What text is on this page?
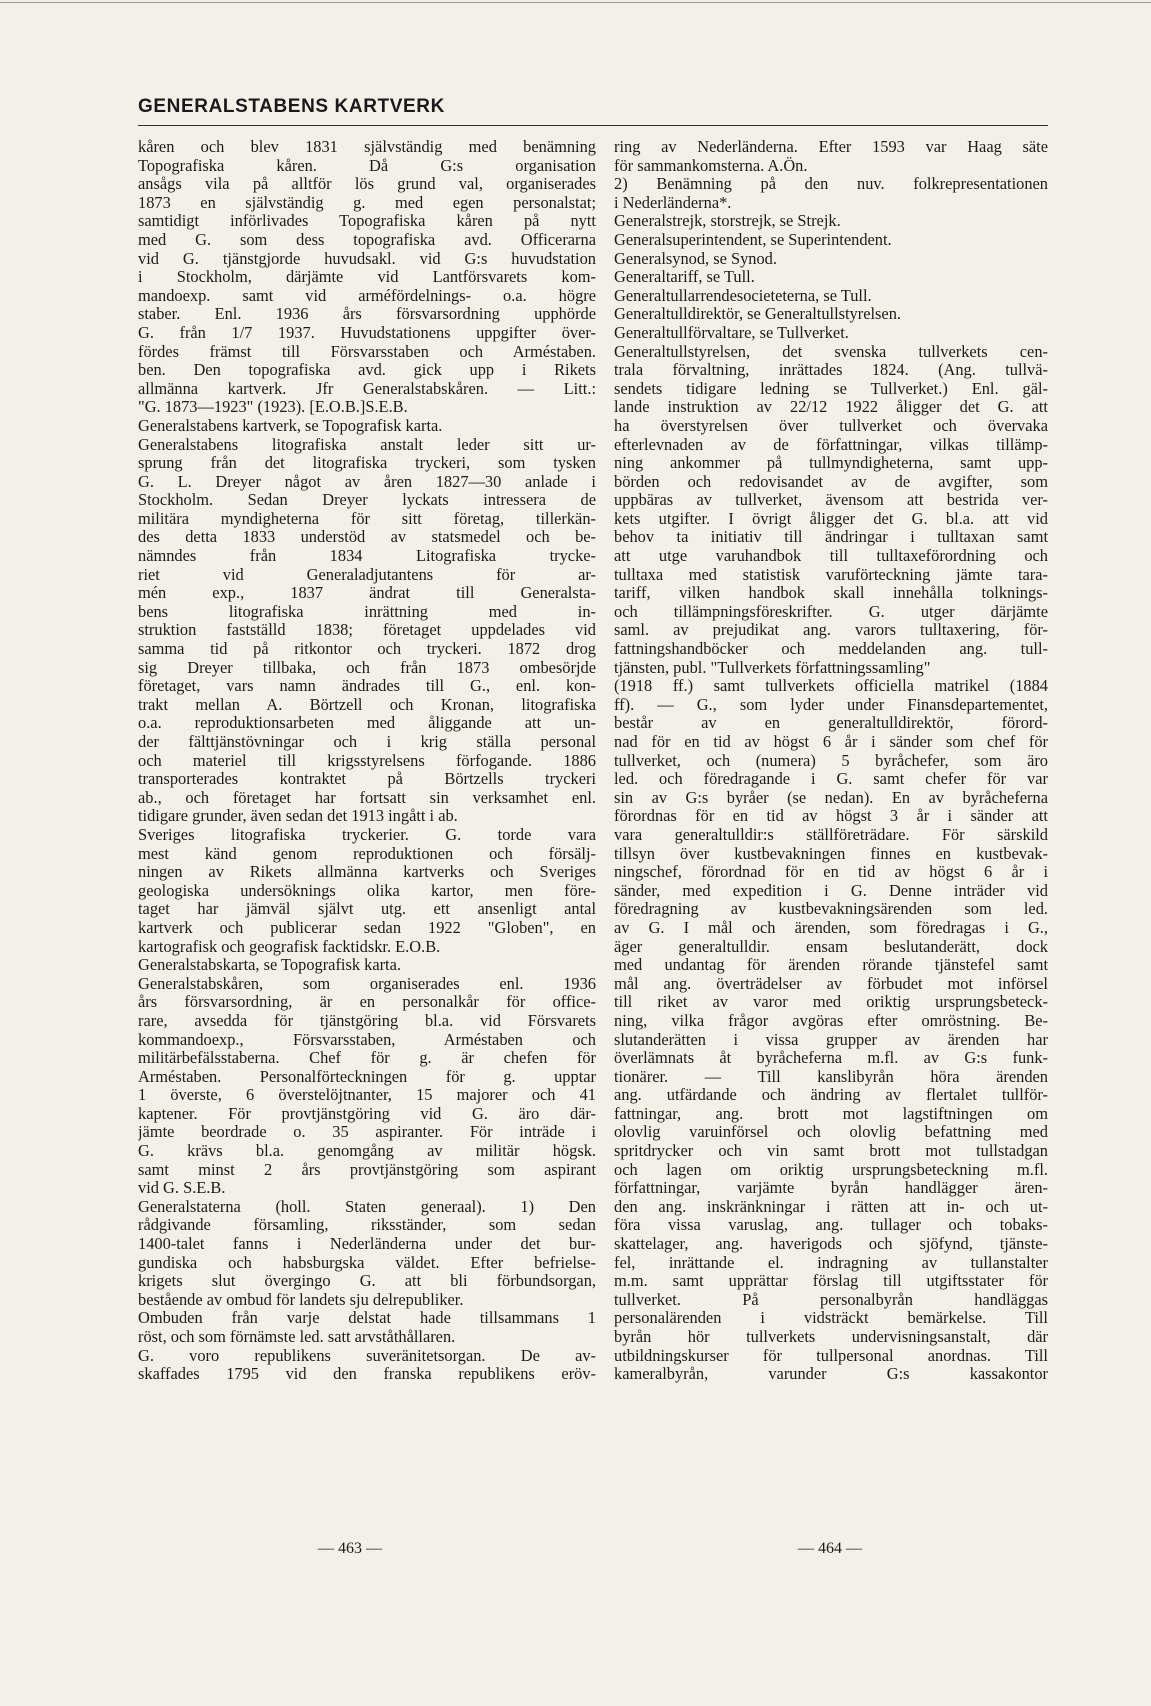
GENERALSTABENS KARTVERK
kåren och blev 1831 självständig med benämning
Topografiska kåren. Då G:s organisation
ansågs vila på alltför lös grund val, organiserades
1873 en självständig g. med egen personalstat;
samtidigt införlivades Topografiska kåren på nytt
med G. som dess topografiska avd. Officerarna
vid G. tjänstgjorde huvudsakl. vid G:s huvudstation
i Stockholm, därjämte vid Lantförsvarets kom-
mandoexp. samt vid arméfördelnings- o.a. högre
staber. Enl. 1936 års försvarsordning upphörde
G. från 1/7 1937. Huvudstationens uppgifter över-
fördes främst till Försvarsstaben och Arméstaben.
ben. Den topografiska avd. gick upp i Rikets
allmänna kartverk. Jfr Generalstabskåren. — Litt.:
"G. 1873—1923" (1923). [E.O.B.]S.E.B.
Generalstabens kartverk, se Topografisk karta.
Generalstabens litografiska anstalt leder sitt ur-
sprung från det litografiska tryckeri, som tysken
G. L. Dreyer något av åren 1827—30 anlade i
Stockholm. Sedan Dreyer lyckats intressera de
militära myndigheterna för sitt företag, tillerkän-
des detta 1833 understöd av statsmedel och be-
nämndes från 1834 Litografiska trycke-
riet vid Generaladjutantens för ar-
mén exp., 1837 ändrat till Generalsta-
bens litografiska inrättning med in-
struktion fastställd 1838; företaget uppdelades vid
samma tid på ritkontor och tryckeri. 1872 drog
sig Dreyer tillbaka, och från 1873 ombesörjde
företaget, vars namn ändrades till G., enl. kon-
trakt mellan A. Börtzell och Kronan, litografiska
o.a. reproduktionsarbeten med åliggande att un-
der fälttjänstövningar och i krig ställa personal
och materiel till krigsstyrelsens förfogande. 1886
transporterades kontraktet på Börtzells tryckeri
ab., och företaget har fortsatt sin verksamhet enl.
tidigare grunder, även sedan det 1913 ingått i ab.
Sveriges litografiska tryckerier. G. torde vara
mest känd genom reproduktionen och försälj-
ningen av Rikets allmänna kartverks och Sveriges
geologiska undersöknings olika kartor, men före-
taget har jämväl självt utg. ett ansenligt antal
kartverk och publicerar sedan 1922 "Globen", en
kartografisk och geografisk facktidskr. E.O.B.
Generalstabskarta, se Topografisk karta.
Generalstabskåren, som organiserades enl. 1936
års försvarsordning, är en personalkår för office-
rare, avsedda för tjänstgöring bl.a. vid Försvarets
kommandoexp., Försvarsstaben, Arméstaben och
militärbefälsstaberna. Chef för g. är chefen för
Arméstaben. Personalförteckningen för g. upptar
1 överste, 6 överstelöjtnanter, 15 majorer och 41
kaptener. För provtjänstgöring vid G. äro där-
jämte beordrade o. 35 aspiranter. För inträde i
G. krävs bl.a. genomgång av militär högsk.
samt minst 2 års provtjänstgöring som aspirant
vid G. S.E.B.
Generalstaterna (holl. Staten generaal). 1) Den
rådgivande församling, riksständer, som sedan
1400-talet fanns i Nederländerna under det bur-
gundiska och habsburgska väldet. Efter befrielse-
krigets slut övergingo G. att bli förbundsorgan,
bestående av ombud för landets sju delrepubliker.
Ombuden från varje delstat hade tillsammans 1
röst, och som förnämste led. satt arvståthållaren.
G. voro republikens suveränitetsorgan. De av-
skaffades 1795 vid den franska republikens eröv-
ring av Nederländerna. Efter 1593 var Haag säte
för sammankomsterna. A.Ön.
2) Benämning på den nuv. folkrepresentationen
i Nederländerna*.
Generalstrejk, storstrejk, se Strejk.
Generalsuperintendent, se Superintendent.
Generalsynod, se Synod.
Generaltariff, se Tull.
Generaltullarrendesocieteterna, se Tull.
Generaltulldirektör, se Generaltullstyrelsen.
Generaltullförvaltare, se Tullverket.
Generaltullstyrelsen, det svenska tullverkets cen-
trala förvaltning, inrättades 1824. (Ang. tullvä-
sendets tidigare ledning se Tullverket.) Enl. gäl-
lande instruktion av 22/12 1922 åligger det G. att
ha överstyrelsen över tullverket och övervaka
efterlevnaden av de författningar, vilkas tillämp-
ning ankommer på tullmyndigheterna, samt upp-
börden och redovisandet av de avgifter, som
uppbäras av tullverket, ävensom att bestrida ver-
kets utgifter. I övrigt åligger det G. bl.a. att vid
behov ta initiativ till ändringar i tulltaxan samt
att utge varuhandbok till tulltaxeförordning och
tulltaxa med statistisk varuförteckning jämte tara-
tariff, vilken handbok skall innehålla tolknings-
och tillämpningsföreskrifter. G. utger därjämte
saml. av prejudikat ang. varors tulltaxering, för-
fattningshandböcker och meddelanden ang. tull-
tjänsten, publ. "Tullverkets författningssamling"
(1918 ff.) samt tullverkets officiella matrikel (1884
ff). — G., som lyder under Finansdepartementet,
består av en generaltulldirektör, förord-
nad för en tid av högst 6 år i sänder som chef för
tullverket, och (numera) 5 byråchefer, som äro
led. och föredragande i G. samt chefer för var
sin av G:s byråer (se nedan). En av byråcheferna
förordnas för en tid av högst 3 år i sänder att
vara generaltulldir:s ställföreträdare. För särskild
tillsyn över kustbevakningen finnes en kustbevak-
ningschef, förordnad för en tid av högst 6 år i
sänder, med expedition i G. Denne inträder vid
föredragning av kustbevakningsärenden som led.
av G. I mål och ärenden, som föredragas i G.,
äger generaltulldir. ensam beslutanderätt, dock
med undantag för ärenden rörande tjänstefel samt
mål ang. överträdelser av förbudet mot införsel
till riket av varor med oriktig ursprungsbeteck-
ning, vilka frågor avgöras efter omröstning. Be-
slutanderätten i vissa grupper av ärenden har
överlämnats åt byråcheferna m.fl. av G:s funk-
tionärer. — Till kanslibyrån höra ärenden
ang. utfärdande och ändring av flertalet tullför-
fattningar, ang. brott mot lagstiftningen om
olovlig varuinförsel och olovlig befattning med
spritdrycker och vin samt brott mot tullstadgan
och lagen om oriktig ursprungsbeteckning m.fl.
författningar, varjämte byrån handlägger ären-
den ang. inskränkningar i rätten att in- och ut-
föra vissa varuslag, ang. tullager och tobaks-
skattelager, ang. haverigods och sjöfynd, tjänste-
fel, inrättande el. indragning av tullanstalter
m.m. samt upprättar förslag till utgiftsstater för
tullverket. På personalbyrån handläggas
personalärenden i vidsträckt bemärkelse. Till
byrån hör tullverkets undervisningsanstalt, där
utbildningskurser för tullpersonal anordnas. Till
kameralbyrån, varunder G:s kassakontor
— 463 —	— 464 —
